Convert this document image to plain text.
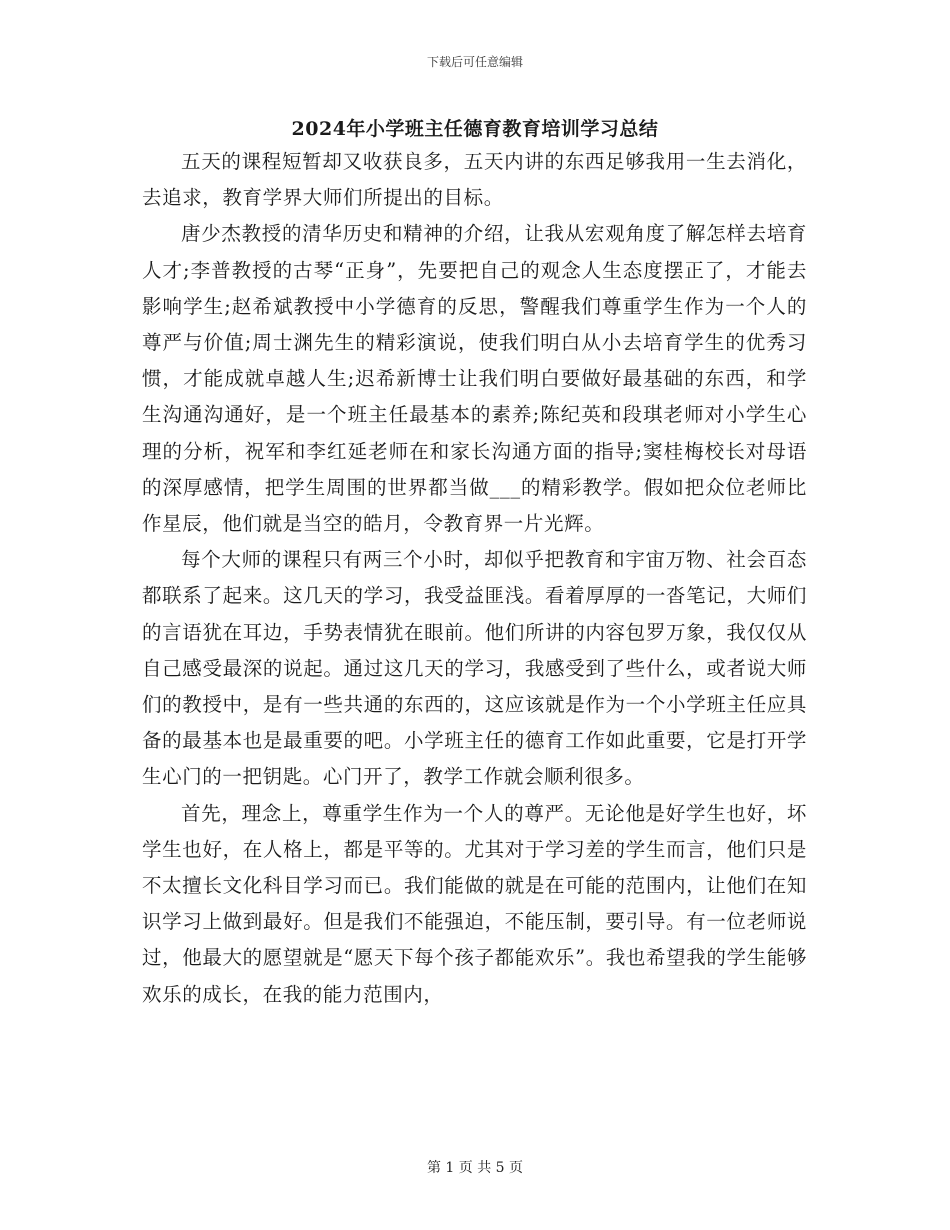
下载后可任意编辑
2024年小学班主任德育教育培训学习总结

五天的课程短暂却又收获良多，五天内讲的东西足够我用一生去消化，去追求，教育学界大师们所提出的目标。

唐少杰教授的清华历史和精神的介绍，让我从宏观角度了解怎样去培育人才;李普教授的古琴“正身”，先要把自己的观念人生态度摆正了，才能去影响学生;赵希斌教授中小学德育的反思，警醒我们尊重学生作为一个人的尊严与价值;周士渊先生的精彩演说，使我们明白从小去培育学生的优秀习惯，才能成就卓越人生;迟希新博士让我们明白要做好最基础的东西，和学生沟通沟通好，是一个班主任最基本的素养;陈纪英和段琪老师对小学生心理的分析，祝军和李红延老师在和家长沟通方面的指导;窦桂梅校长对母语的深厚感情，把学生周围的世界都当做___的精彩教学。假如把众位老师比作星辰，他们就是当空的皓月，令教育界一片光辉。

每个大师的课程只有两三个小时，却似乎把教育和宇宙万物、社会百态都联系了起来。这几天的学习，我受益匪浅。看着厚厚的一沓笔记，大师们的言语犹在耳边，手势表情犹在眼前。他们所讲的内容包罗万象，我仅仅从自己感受最深的说起。通过这几天的学习，我感受到了些什么，或者说大师们的教授中，是有一些共通的东西的，这应该就是作为一个小学班主任应具备的最基本也是最重要的吧。小学班主任的德育工作如此重要，它是打开学生心门的一把钥匙。心门开了，教学工作就会顺利很多。

首先，理念上，尊重学生作为一个人的尊严。无论他是好学生也好，坏学生也好，在人格上，都是平等的。尤其对于学习差的学生而言，他们只是不太擅长文化科目学习而已。我们能做的就是在可能的范围内，让他们在知识学习上做到最好。但是我们不能强迫，不能压制，要引导。有一位老师说过，他最大的愿望就是“愿天下每个孩子都能欢乐”。我也希望我的学生能够欢乐的成长，在我的能力范围内，

第 1 页 共 5 页
